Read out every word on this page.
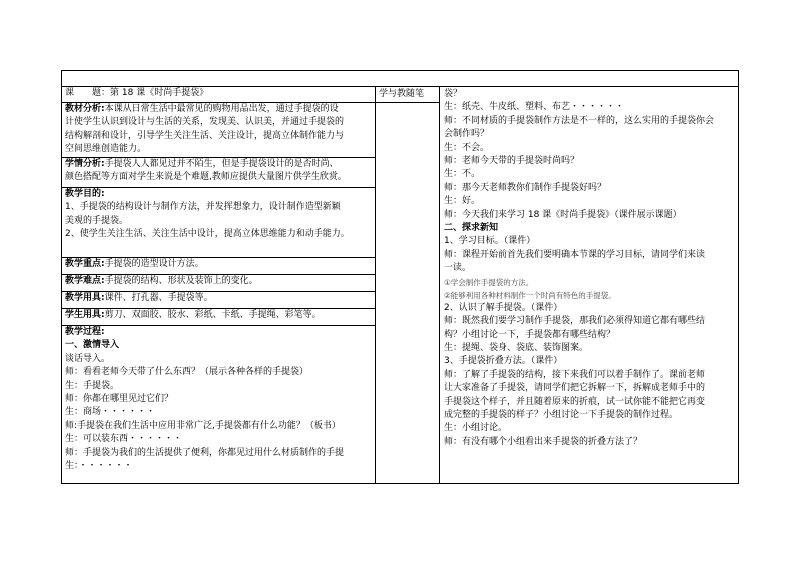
课　　题：第 18 课《时尚手提袋》
教材分析:本课从日常生活中最常见的购物用品出发，通过手提袋的设
计使学生认识到设计与生活的关系，发现美、认识美，并通过手提袋的
结构解剖和设计，引导学生关注生活、关注设计，提高立体制作能力与
空间思维创造能力。
学情分析:手提袋人人都见过并不陌生，但是手提袋设计的是否时尚、
颜色搭配等方面对学生来说是个难题,教师应提供大量图片供学生欣赏。
教学目的:
1、手提袋的结构设计与制作方法，并发挥想象力，设计制作造型新颖
美观的手提袋。
2、使学生关注生活、关注生活中设计，提高立体思维能力和动手能力。
教学重点:手提袋的造型设计方法。
教学难点:手提袋的结构、形状及装饰上的变化。
教学用具:课件、打孔器、手提袋等。
学生用具:剪刀、双面胶、胶水、彩纸、卡纸、手提绳、彩笔等。
教学过程:
一、激情导入
谈话导入。
师：看看老师今天带了什么东西？（展示各种各样的手提袋）
生：手提袋。
师：你都在哪里见过它们？
生：商场・・・・・・
师:手提袋在我们生活中应用非常广泛,手提袋都有什么功能？（板书）
生：可以装东西・・・・・・
师：手提袋为我们的生活提供了便利，你都见过用什么材质制作的手提
生：・・・・・・
学与教随笔	袋？
生：纸壳、牛皮纸、塑料、布艺・・・・・・
师：不同材质的手提袋制作方法是不一样的，这么实用的手提袋你会
会制作吗？
生：不会。
师：老师今天带的手提袋时尚吗？
生：不。
师：那今天老师教你们制作手提袋好吗？
生：好。
师：今天我们来学习 18 课《时尚手提袋》（课件展示课题）
二、探求新知
1、学习目标。（课件）
师：课程开始前首先我们要明确本节课的学习目标，请同学们来读
一读。
①学会制作手提袋的方法。
②能够利用各种材料制作一个时尚有特色的手提袋。
2、认识了解手提袋。（课件）
师：既然我们要学习制作手提袋，那我们必须得知道它都有哪些结
构？小组讨论一下，手提袋都有哪些结构？
生：提绳、袋身、袋底、装饰图案。
3、手提袋折叠方法。（课件）
师：了解了手提袋的结构，接下来我们可以着手制作了。课前老师
让大家准备了手提袋，请同学们把它拆解一下，拆解成老师手中的
手提袋这个样子，并且随着原来的折痕，试一试你能不能把它再变
成完整的手提袋的样子？小组讨论一下手提袋的制作过程。
生：小组讨论。
师：有没有哪个小组看出来手提袋的折叠方法了？
